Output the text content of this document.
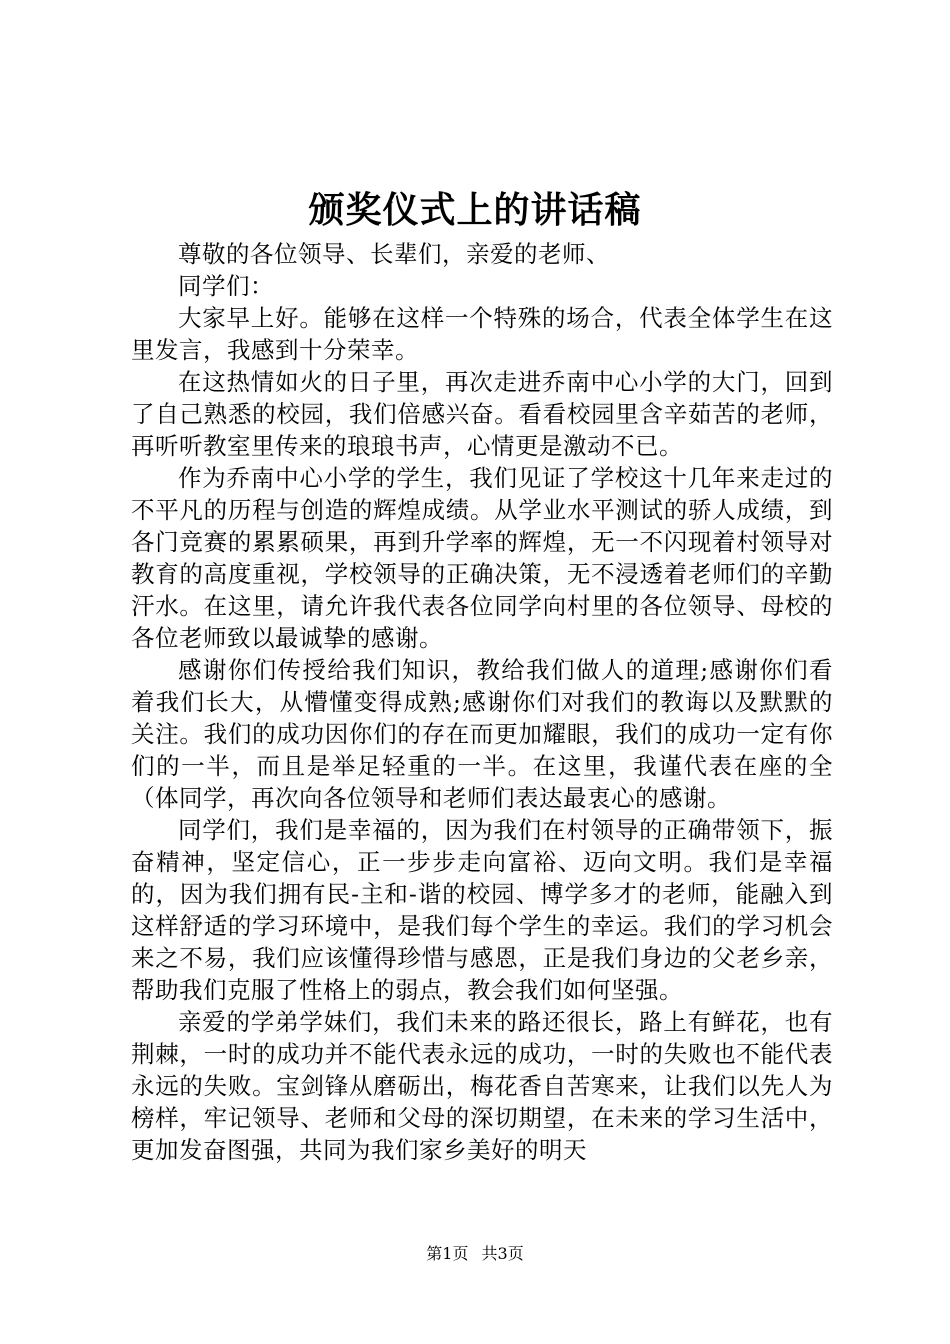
颁奖仪式上的讲话稿

尊敬的各位领导、长辈们，亲爱的老师、

同学们：

大家早上好。能够在这样一个特殊的场合，代表全体学生在这里发言，我感到十分荣幸。

在这热情如火的日子里，再次走进乔南中心小学的大门，回到了自己熟悉的校园，我们倍感兴奋。看看校园里含辛茹苦的老师，再听听教室里传来的琅琅书声，心情更是激动不已。

作为乔南中心小学的学生，我们见证了学校这十几年来走过的不平凡的历程与创造的辉煌成绩。从学业水平测试的骄人成绩，到各门竞赛的累累硕果，再到升学率的辉煌，无一不闪现着村领导对教育的高度重视，学校领导的正确决策，无不浸透着老师们的辛勤汗水。在这里，请允许我代表各位同学向村里的各位领导、母校的各位老师致以最诚挚的感谢。

感谢你们传授给我们知识，教给我们做人的道理;感谢你们看着我们长大，从懵懂变得成熟;感谢你们对我们的教诲以及默默的关注。我们的成功因你们的存在而更加耀眼，我们的成功一定有你们的一半，而且是举足轻重的一半。在这里，我谨代表在座的全（体同学，再次向各位领导和老师们表达最衷心的感谢。

同学们，我们是幸福的，因为我们在村领导的正确带领下，振奋精神，坚定信心，正一步步走向富裕、迈向文明。我们是幸福的，因为我们拥有民-主和-谐的校园、博学多才的老师，能融入到这样舒适的学习环境中，是我们每个学生的幸运。我们的学习机会来之不易，我们应该懂得珍惜与感恩，正是我们身边的父老乡亲，帮助我们克服了性格上的弱点，教会我们如何坚强。

亲爱的学弟学妹们，我们未来的路还很长，路上有鲜花，也有荆棘，一时的成功并不能代表永远的成功，一时的失败也不能代表永远的失败。宝剑锋从磨砺出，梅花香自苦寒来，让我们以先人为榜样，牢记领导、老师和父母的深切期望，在未来的学习生活中，更加发奋图强，共同为我们家乡美好的明天

第1页 共3页
